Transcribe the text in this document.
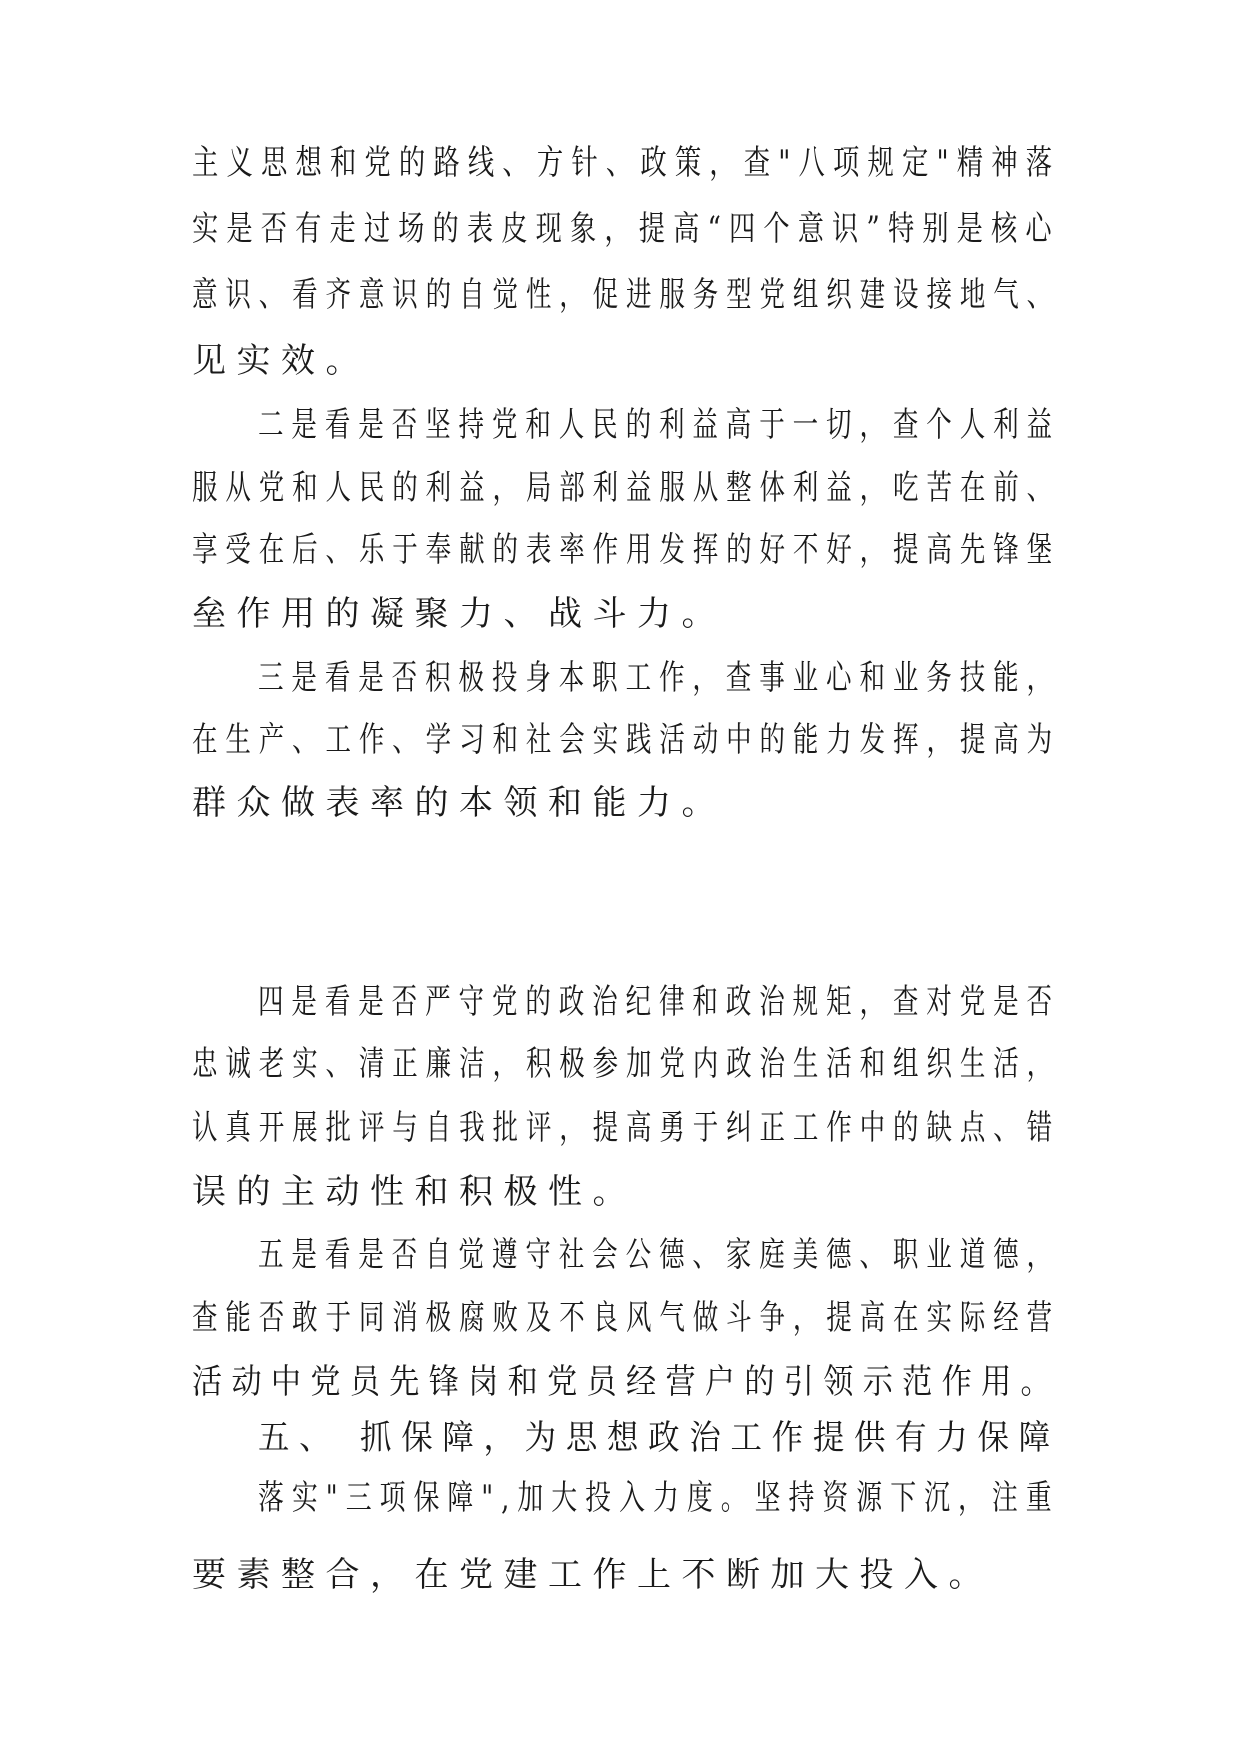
主义思想和党的路线、方针、政策，查"八项规定"精神落
实是否有走过场的表皮现象，提高“四个意识”特别是核心
意识、看齐意识的自觉性，促进服务型党组织建设接地气、
见实效。
二是看是否坚持党和人民的利益高于一切，查个人利益
服从党和人民的利益，局部利益服从整体利益，吃苦在前、
享受在后、乐于奉献的表率作用发挥的好不好，提高先锋堡
垒作用的凝聚力、战斗力。
三是看是否积极投身本职工作，查事业心和业务技能，
在生产、工作、学习和社会实践活动中的能力发挥，提高为
群众做表率的本领和能力。
四是看是否严守党的政治纪律和政治规矩，查对党是否
忠诚老实、清正廉洁，积极参加党内政治生活和组织生活，
认真开展批评与自我批评，提高勇于纠正工作中的缺点、错
误的主动性和积极性。
五是看是否自觉遵守社会公德、家庭美德、职业道德，
查能否敢于同消极腐败及不良风气做斗争，提高在实际经营
活动中党员先锋岗和党员经营户的引领示范作用。
五、 抓保障，为思想政治工作提供有力保障
落实"三项保障",加大投入力度。坚持资源下沉，注重
要素整合，在党建工作上不断加大投入。
